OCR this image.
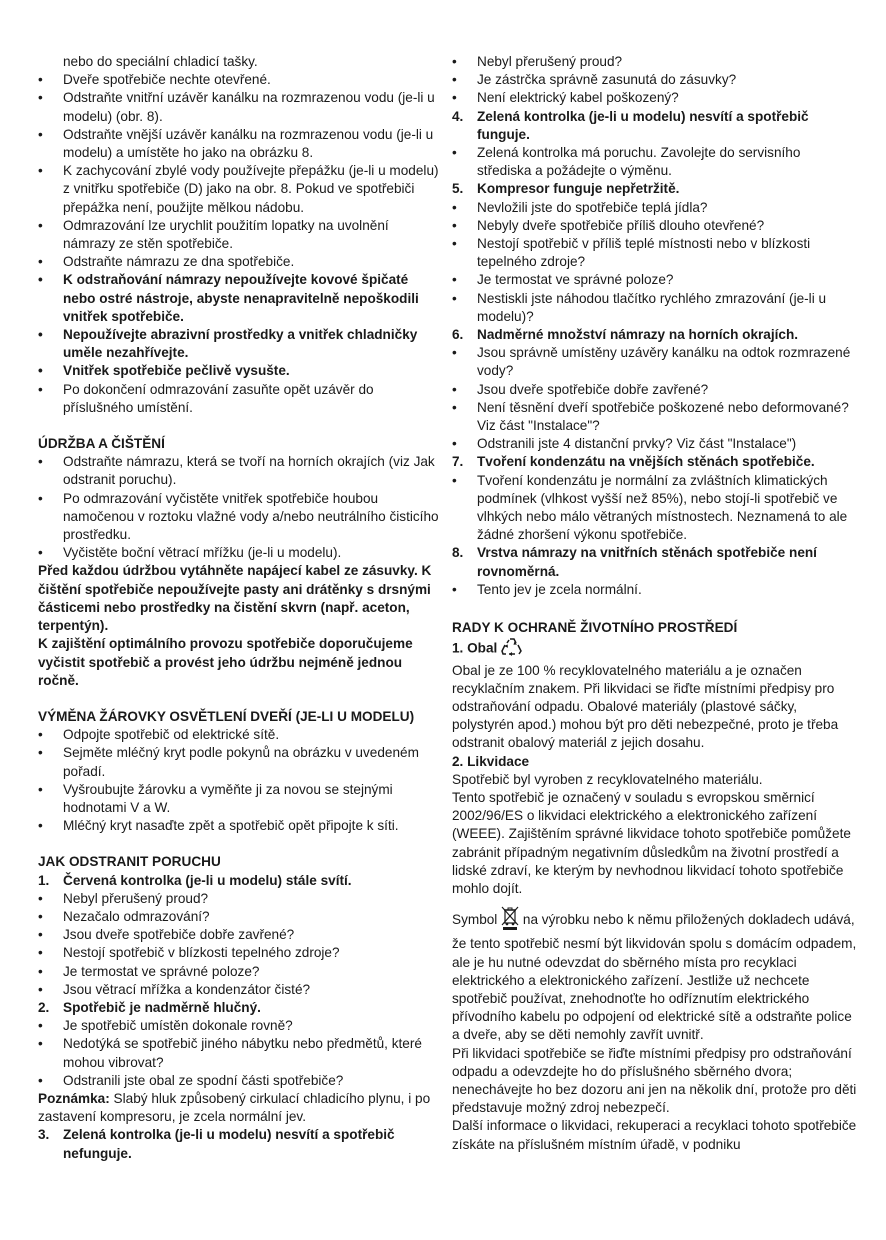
nebo do speciální chladicí tašky.

• Dveře spotřebiče nechte otevřené.
• Odstraňte vnitřní uzávěr kanálku na rozmrazenou vodu (je-li u modelu) (obr. 8).
• Odstraňte vnější uzávěr kanálku na rozmrazenou vodu (je-li u modelu) a umístěte ho jako na obrázku 8.
• K zachycování zbylé vody používejte přepážku (je-li u modelu) z vnitřku spotřebiče (D) jako na obr. 8. Pokud ve spotřebiči přepážka není, použijte mělkou nádobu.
• Odmrazování lze urychlit použitím lopatky na uvolnění námrazy ze stěn spotřebiče.
• Odstraňte námrazu ze dna spotřebiče.
• K odstraňování námrazy nepoužívejte kovové špičaté nebo ostré nástroje, abyste nenapravitelně nepoškodili vnitřek spotřebiče.
• Nepoužívejte abrazivní prostředky a vnitřek chladničky uměle nezahřívejte.
• Vnitřek spotřebiče pečlivě vysušte.
• Po dokončení odmrazování zasuňte opět uzávěr do příslušného umístění.
ÚDRŽBA A ČIŠTĚNÍ
• Odstraňte námrazu, která se tvoří na horních okrajích (viz Jak odstranit poruchu).
• Po odmrazování vyčistěte vnitřek spotřebiče houbou namočenou v roztoku vlažné vody a/nebo neutrálního čisticího prostředku.
• Vyčistěte boční větrací mřížku (je-li u modelu).

Před každou údržbou vytáhněte napájecí kabel ze zásuvky. K čištění spotřebiče nepoužívejte pasty ani drátěnky s drsnými částicemi nebo prostředky na čistění skvrn (např. aceton, terpentýn).

K zajištění optimálního provozu spotřebiče doporučujeme vyčistit spotřebič a provést jeho údržbu nejméně jednou ročně.

VÝMĚNA ŽÁROVKY OSVĚTLENÍ DVEŘÍ (JE-LI U MODELU)
• Odpojte spotřebič od elektrické sítě.
• Sejměte mléčný kryt podle pokynů na obrázku v uvedeném pořadí.
• Vyšroubujte žárovku a vyměňte ji za novou se stejnými hodnotami V a W.
• Mléčný kryt nasaďte zpět a spotřebič opět připojte k síti.
JAK ODSTRANIT PORUCHU
1. Červená kontrolka (je-li u modelu) stále svítí.
• Nebyl přerušený proud?
• Nezačalo odmrazování?
• Jsou dveře spotřebiče dobře zavřené?
• Nestojí spotřebič v blízkosti tepelného zdroje?
• Je termostat ve správné poloze?
• Jsou větrací mřížka a kondenzátor čisté?
2. Spotřebič je nadměrně hlučný.
• Je spotřebič umístěn dokonale rovně?
• Nedotýká se spotřebič jiného nábytku nebo předmětů, které mohou vibrovat?
• Odstranili jste obal ze spodní části spotřebiče?

Poznámka: Slabý hluk způsobený cirkulací chladicího plynu, i po zastavení kompresoru, je zcela normální jev.

3. Zelená kontrolka (je-li u modelu) nesvítí a spotřebič nefunguje.
• Nebyl přerušený proud?
• Je zástrčka správně zasunutá do zásuvky?
• Není elektrický kabel poškozený?
4. Zelená kontrolka (je-li u modelu) nesvítí a spotřebič funguje.
• Zelená kontrolka má poruchu. Zavolejte do servisního střediska a požádejte o výměnu.
5. Kompresor funguje nepřetržitě.
• Nevložili jste do spotřebiče teplá jídla?
• Nebyly dveře spotřebiče příliš dlouho otevřené?
• Nestojí spotřebič v příliš teplé místnosti nebo v blízkosti tepelného zdroje?
• Je termostat ve správné poloze?
• Nestiskli jste náhodou tlačítko rychlého zmrazování (je-li u modelu)?
6. Nadměrné množství námrazy na horních okrajích.
• Jsou správně umístěny uzávěry kanálku na odtok rozmrazené vody?
• Jsou dveře spotřebiče dobře zavřené?
• Není těsnění dveří spotřebiče poškozené nebo deformované? Viz část "Instalace"?
• Odstranili jste 4 distanční prvky? Viz část "Instalace")
7. Tvoření kondenzátu na vnějších stěnách spotřebiče.
• Tvoření kondenzátu je normální za zvláštních klimatických podmínek (vlhkost vyšší než 85%), nebo stojí-li spotřebič ve vlhkých nebo málo větraných místnostech. Neznamená to ale žádné zhoršení výkonu spotřebiče.
8. Vrstva námrazy na vnitřních stěnách spotřebiče není rovnoměrná.
• Tento jev je zcela normální.
RADY K OCHRANĚ ŽIVOTNÍHO PROSTŘEDÍ
1. Obal

Obal je ze 100 % recyklovatelného materiálu a je označen recyklačním znakem. Při likvidaci se řiďte místními předpisy pro odstraňování odpadu. Obalové materiály (plastové sáčky, polystyrén apod.) mohou být pro děti nebezpečné, proto je třeba odstranit obalový materiál z jejich dosahu.

2. Likvidace

Spotřebič byl vyroben z recyklovatelného materiálu.

Tento spotřebič je označený v souladu s evropskou směrnicí 2002/96/ES o likvidaci elektrického a elektronického zařízení (WEEE). Zajištěním správné likvidace tohoto spotřebiče pomůžete zabránit případným negativním důsledkům na životní prostředí a lidské zdraví, ke kterým by nevhodnou likvidací tohoto spotřebiče mohlo dojít.

Symbol  na výrobku nebo k němu přiložených dokladech udává, že tento spotřebič nesmí být likvidován spolu s domácím odpadem, ale je hu nutné odevzdat do sběrného místa pro recyklaci elektrického a elektronického zařízení. Jestliže už nechcete spotřebič používat, znehodnoťte ho odříznutím elektrického přívodního kabelu po odpojení od elektrické sítě a odstraňte police a dveře, aby se děti nemohly zavřít uvnitř.

Při likvidaci spotřebiče se řiďte místními předpisy pro odstraňování odpadu a odevzdejte ho do příslušného sběrného dvora; nenechávejte ho bez dozoru ani jen na několik dní, protože pro děti představuje možný zdroj nebezpečí.

Další informace o likvidaci, rekuperaci a recyklaci tohoto spotřebiče získáte na příslušném místním úřadě, v podniku
